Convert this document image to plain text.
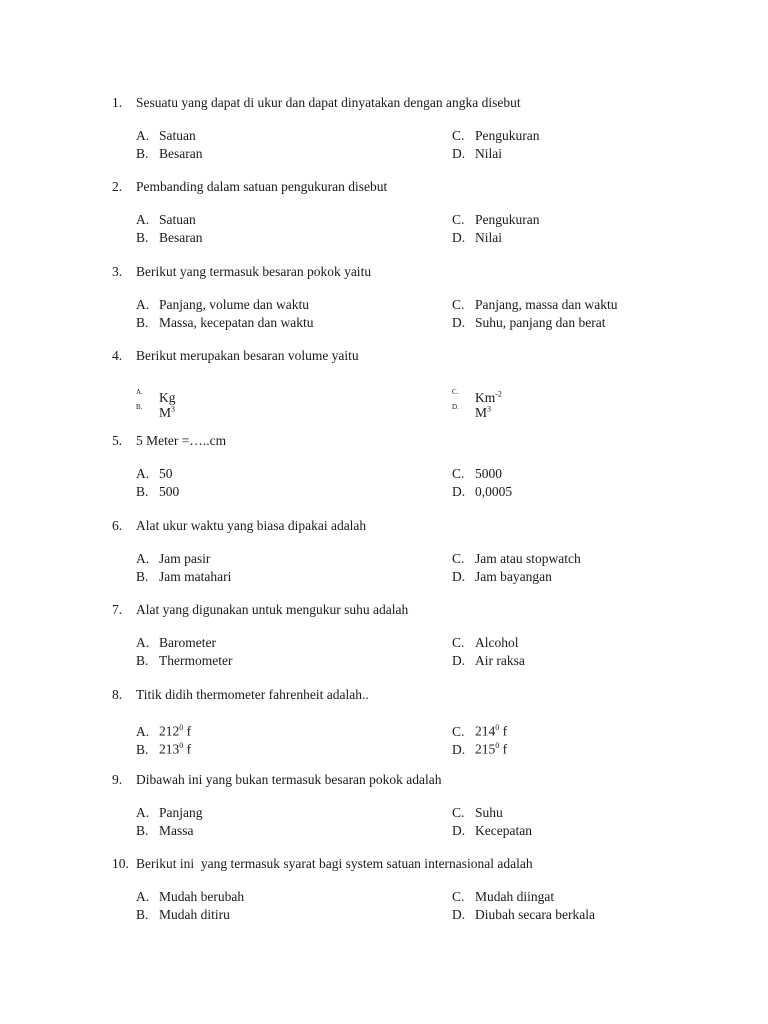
1. Sesuatu yang dapat di ukur dan dapat dinyatakan dengan angka disebut
A. Satuan
B. Besaran
C. Pengukuran
D. Nilai
2. Pembanding dalam satuan pengukuran disebut
A. Satuan
B. Besaran
C. Pengukuran
D. Nilai
3. Berikut yang termasuk besaran pokok yaitu
A. Panjang, volume dan waktu
B. Massa, kecepatan dan waktu
C. Panjang, massa dan waktu
D. Suhu, panjang dan berat
4. Berikut merupakan besaran volume yaitu
A. Kg
B. $M^3$
C. $Km^{-2}$
D. $M^3$
5. 5 Meter =…..cm
A. 50
B. 500
C. 5000
D. 0,0005
6. Alat ukur waktu yang biasa dipakai adalah
A. Jam pasir
B. Jam matahari
C. Jam atau stopwatch
D. Jam bayangan
7. Alat yang digunakan untuk mengukur suhu adalah
A. Barometer
B. Thermometer
C. Alcohol
D. Air raksa
8. Titik didih thermometer fahrenheit adalah..
A. $212^0$ f
B. $213^0$ f
C. $214^0$ f
D. $215^0$ f
9. Dibawah ini yang bukan termasuk besaran pokok adalah
A. Panjang
B. Massa
C. Suhu
D. Kecepatan
10. Berikut ini  yang termasuk syarat bagi system satuan internasional adalah
A. Mudah berubah
B. Mudah ditiru
C. Mudah diingat
D. Diubah secara berkala
